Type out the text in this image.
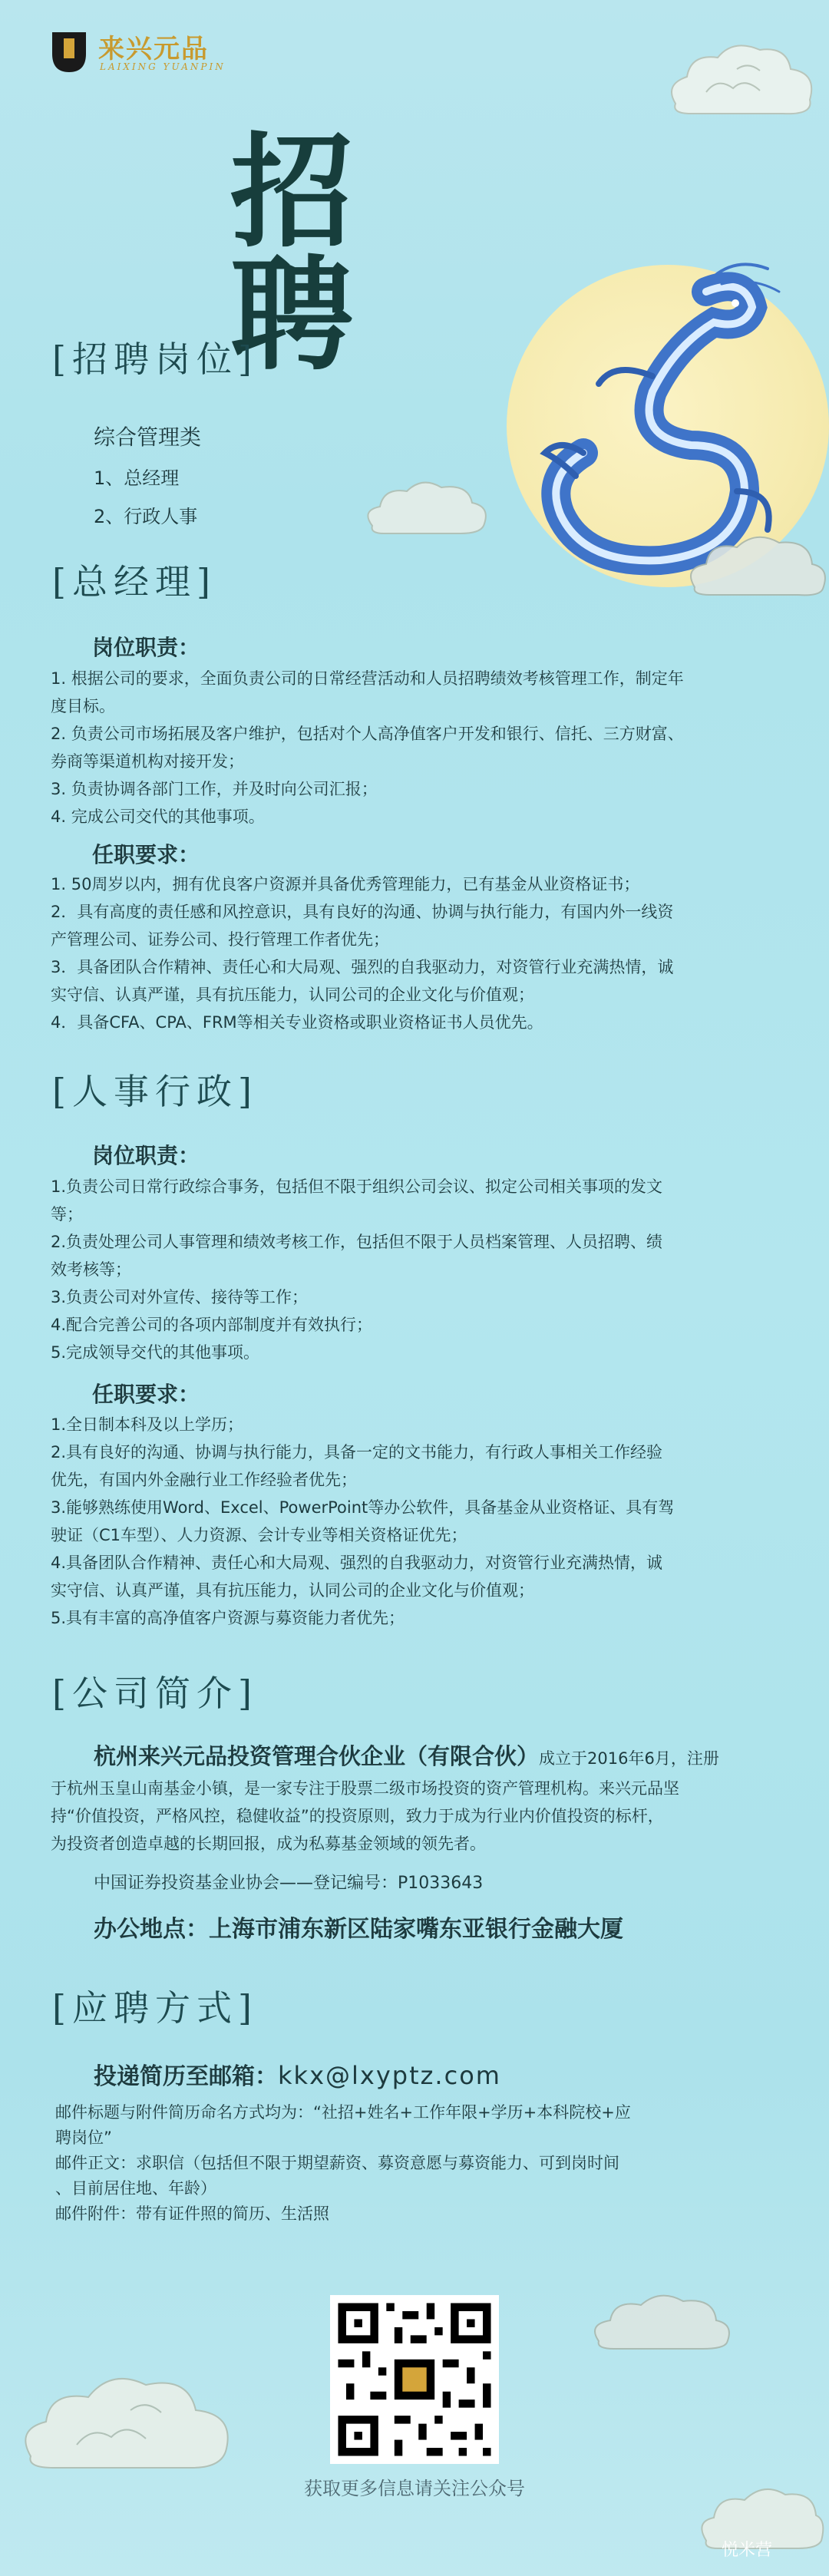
来兴元品
LAIXING YUANPIN
招聘
[招聘岗位]
综合管理类
1、总经理
2、行政人事
[总经理]
岗位职责：
1. 根据公司的要求，全面负责公司的日常经营活动和人员招聘绩效考核管理工作，制定年
度目标。
2. 负责公司市场拓展及客户维护，包括对个人高净值客户开发和银行、信托、三方财富、
券商等渠道机构对接开发；
3. 负责协调各部门工作，并及时向公司汇报；
4. 完成公司交代的其他事项。
任职要求：
1. 50周岁以内，拥有优良客户资源并具备优秀管理能力，已有基金从业资格证书；
2．具有高度的责任感和风控意识，具有良好的沟通、协调与执行能力，有国内外一线资
产管理公司、证券公司、投行管理工作者优先；
3．具备团队合作精神、责任心和大局观、强烈的自我驱动力，对资管行业充满热情，诚
实守信、认真严谨，具有抗压能力，认同公司的企业文化与价值观；
4．具备CFA、CPA、FRM等相关专业资格或职业资格证书人员优先。
[人事行政]
岗位职责：
1.负责公司日常行政综合事务，包括但不限于组织公司会议、拟定公司相关事项的发文
等；
2.负责处理公司人事管理和绩效考核工作，包括但不限于人员档案管理、人员招聘、绩
效考核等；
3.负责公司对外宣传、接待等工作；
4.配合完善公司的各项内部制度并有效执行；
5.完成领导交代的其他事项。
任职要求：
1.全日制本科及以上学历；
2.具有良好的沟通、协调与执行能力，具备一定的文书能力，有行政人事相关工作经验
优先，有国内外金融行业工作经验者优先；
3.能够熟练使用Word、Excel、PowerPoint等办公软件，具备基金从业资格证、具有驾
驶证（C1车型）、人力资源、会计专业等相关资格证优先；
4.具备团队合作精神、责任心和大局观、强烈的自我驱动力，对资管行业充满热情，诚
实守信、认真严谨，具有抗压能力，认同公司的企业文化与价值观；
5.具有丰富的高净值客户资源与募资能力者优先；
[公司简介]
杭州来兴元品投资管理合伙企业（有限合伙）成立于2016年6月，注册
于杭州玉皇山南基金小镇，是一家专注于股票二级市场投资的资产管理机构。来兴元品坚
持“价值投资，严格风控，稳健收益”的投资原则，致力于成为行业内价值投资的标杆，
为投资者创造卓越的长期回报，成为私募基金领域的领先者。
中国证券投资基金业协会——登记编号：P1033643
办公地点：上海市浦东新区陆家嘴东亚银行金融大厦
[应聘方式]
投递简历至邮箱：kkx@lxyptz.com
邮件标题与附件简历命名方式均为：“社招+姓名+工作年限+学历+本科院校+应
聘岗位”
邮件正文：求职信（包括但不限于期望薪资、募资意愿与募资能力、可到岗时间
、目前居住地、年龄）
邮件附件：带有证件照的简历、生活照
获取更多信息请关注公众号
悦米营
